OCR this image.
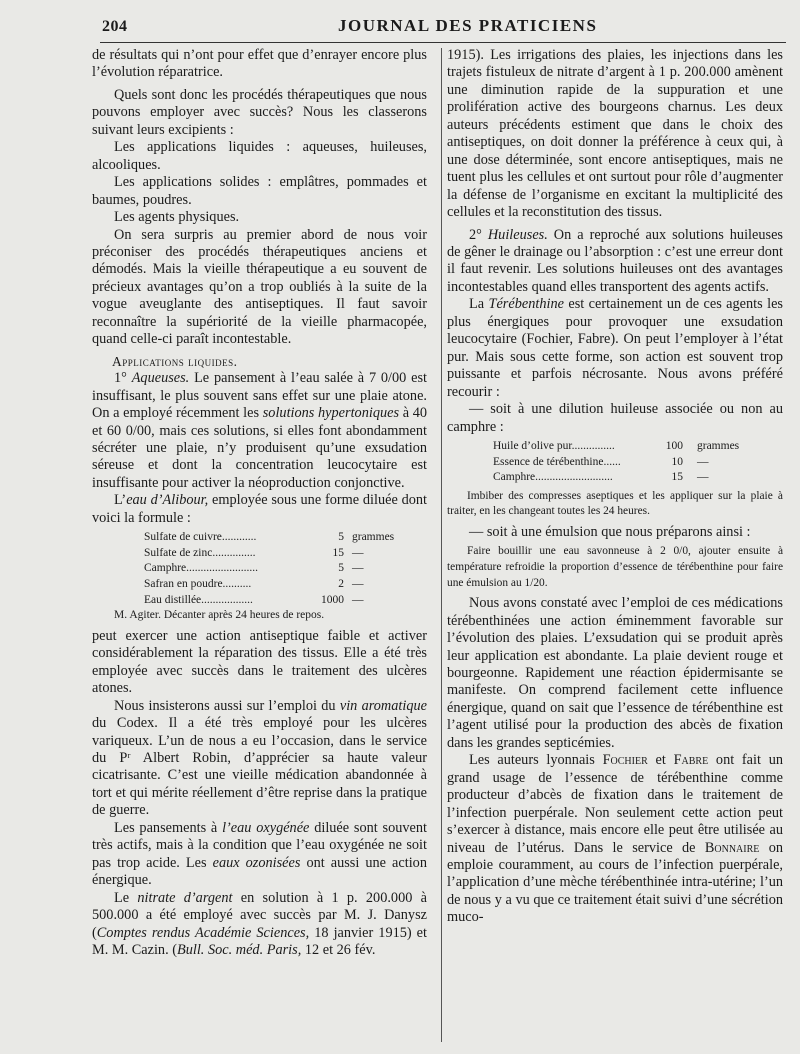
204	JOURNAL DES PRATICIENS

de résultats qui n’ont pour effet que d’enrayer encore plus l’évolution réparatrice.

Quels sont donc les procédés thérapeutiques que nous pouvons employer avec succès? Nous les classerons suivant leurs excipients :

Les applications liquides : aqueuses, huileuses, alcooliques.

Les applications solides : emplâtres, pommades et baumes, poudres.

Les agents physiques.

On sera surpris au premier abord de nous voir préconiser des procédés thérapeutiques anciens et démodés. Mais la vieille thérapeutique a eu souvent de précieux avantages qu’on a trop oubliés à la suite de la vogue aveuglante des antiseptiques. Il faut savoir reconnaître la supériorité de la vieille pharmacopée, quand celle-ci paraît incontestable.

Applications liquides.

1° Aqueuses. Le pansement à l’eau salée à 7 0/00 est insuffisant, le plus souvent sans effet sur une plaie atone. On a employé récemment les solutions hypertoniques à 40 et 60 0/00, mais ces solutions, si elles font abondamment sécréter une plaie, n’y produisent qu’une exsudation séreuse et dont la concentration leucocytaire est insuffisante pour activer la néoproduction conjonctive.

L’eau d’Alibour, employée sous une forme diluée dont voici la formule :

Sulfate de cuivre............	5 grammes
Sulfate de zinc...............	15 —
Camphre.........................	5 —
Safran en poudre..........	2 —
Eau distillée..................	1000 —
M. Agiter. Décanter après 24 heures de repos.

peut exercer une action antiseptique faible et activer considérablement la réparation des tissus. Elle a été très employée avec succès dans le traitement des ulcères atones.

Nous insisterons aussi sur l’emploi du vin aromatique du Codex. Il a été très employé pour les ulcères variqueux. L’un de nous a eu l’occasion, dans le service du Pʳ Albert Robin, d’apprécier sa haute valeur cicatrisante. C’est une vieille médication abandonnée à tort et qui mérite réellement d’être reprise dans la pratique de guerre.

Les pansements à l’eau oxygénée diluée sont souvent très actifs, mais à la condition que l’eau oxygénée ne soit pas trop acide. Les eaux ozonisées ont aussi une action énergique.

Le nitrate d’argent en solution à 1 p. 200.000 à 500.000 a été employé avec succès par M. J. Danysz (Comptes rendus Académie Sciences, 18 janvier 1915) et M. M. Cazin. (Bull. Soc. méd. Paris, 12 et 26 fév.

1915). Les irrigations des plaies, les injections dans les trajets fistuleux de nitrate d’argent à 1 p. 200.000 amènent une diminution rapide de la suppuration et une prolifération active des bourgeons charnus. Les deux auteurs précédents estiment que dans le choix des antiseptiques, on doit donner la préférence à ceux qui, à une dose déterminée, sont encore antiseptiques, mais ne tuent plus les cellules et ont surtout pour rôle d’augmenter la défense de l’organisme en excitant la multiplicité des cellules et la reconstitution des tissus.

2° Huileuses. On a reproché aux solutions huileuses de gêner le drainage ou l’absorption : c’est une erreur dont il faut revenir. Les solutions huileuses ont des avantages incontestables quand elles transportent des agents actifs.

La Térébenthine est certainement un de ces agents les plus énergiques pour provoquer une exsudation leucocytaire (Fochier, Fabre). On peut l’employer à l’état pur. Mais sous cette forme, son action est souvent trop puissante et parfois nécrosante. Nous avons préféré recourir :

— soit à une dilution huileuse associée ou non au camphre :

Huile d’olive pur...............	100	grammes
Essence de térébenthine......	10	—
Camphre...........................	15	—

Imbiber des compresses aseptiques et les appliquer sur la plaie à traiter, en les changeant toutes les 24 heures.

— soit à une émulsion que nous préparons ainsi :

Faire bouillir une eau savonneuse à 2 0/0, ajouter ensuite à température refroidie la proportion d’essence de térébenthine pour faire une émulsion au 1/20.

Nous avons constaté avec l’emploi de ces médications térébenthinées une action éminemment favorable sur l’évolution des plaies. L’exsudation qui se produit après leur application est abondante. La plaie devient rouge et bourgeonne. Rapidement une réaction épidermisante se manifeste. On comprend facilement cette influence énergique, quand on sait que l’essence de térébenthine est l’agent utilisé pour la production des abcès de fixation dans les grandes septicémies.

Les auteurs lyonnais Fochier et Fabre ont fait un grand usage de l’essence de térébenthine comme producteur d’abcès de fixation dans le traitement de l’infection puerpérale. Non seulement cette action peut s’exercer à distance, mais encore elle peut être utilisée au niveau de l’utérus. Dans le service de Bonnaire on emploie couramment, au cours de l’infection puerpérale, l’application d’une mèche térébenthinée intra-utérine; l’un de nous y a vu que ce traitement était suivi d’une sécrétion muco-
